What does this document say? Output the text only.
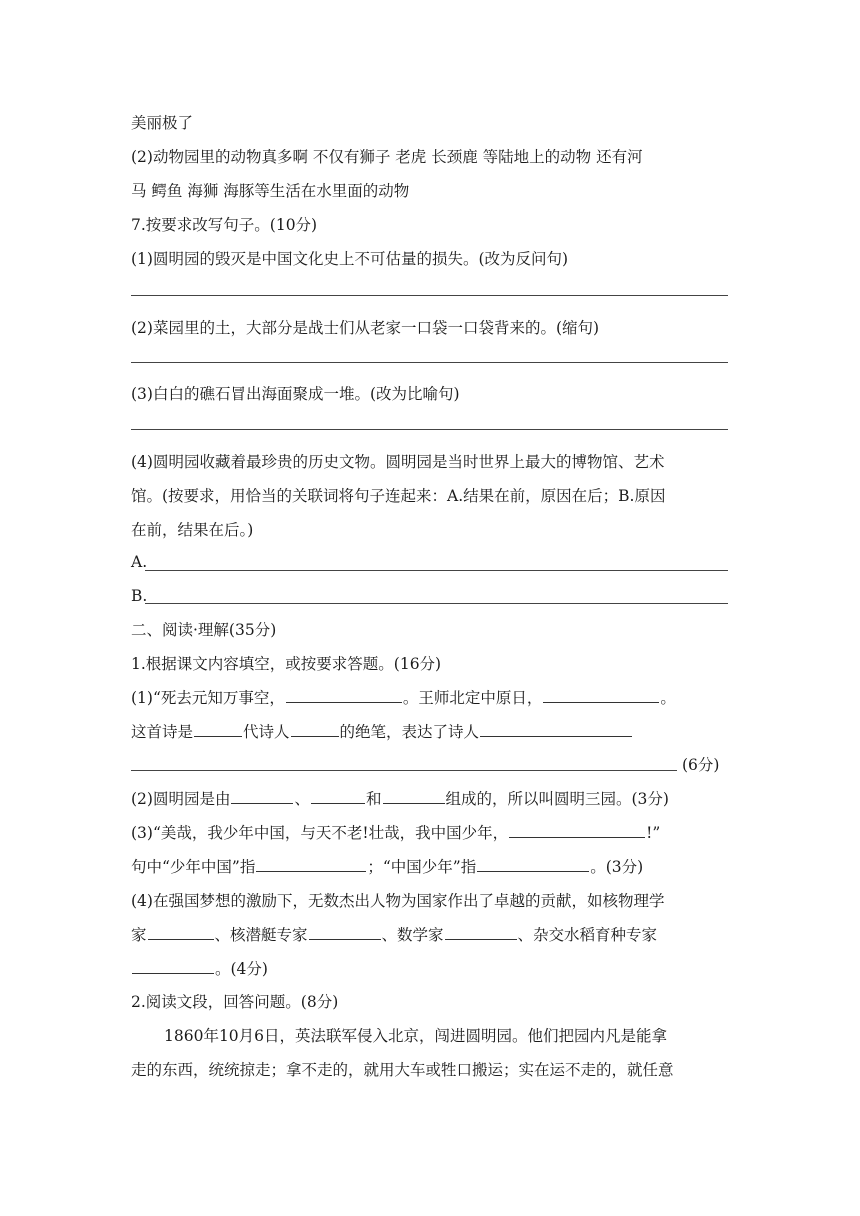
美丽极了
(2)动物园里的动物真多啊 不仅有狮子 老虎 长颈鹿 等陆地上的动物 还有河
马 鳄鱼 海狮 海豚等生活在水里面的动物
7.按要求改写句子。(10分)
(1)圆明园的毁灭是中国文化史上不可估量的损失。(改为反问句)
(2)菜园里的土，大部分是战士们从老家一口袋一口袋背来的。(缩句)
(3)白白的礁石冒出海面聚成一堆。(改为比喻句)
(4)圆明园收藏着最珍贵的历史文物。圆明园是当时世界上最大的博物馆、艺术
馆。(按要求，用恰当的关联词将句子连起来：A.结果在前，原因在后；B.原因
在前，结果在后。)
A.
B.
二、阅读·理解(35分)
1.根据课文内容填空，或按要求答题。(16分)
(1)“死去元知万事空，	。王师北定中原日，	。
这首诗是	代诗人	的绝笔，表达了诗人
(6分)
(2)圆明园是由	、	和	组成的，所以叫圆明三园。(3分)
(3)“美哉，我少年中国，与天不老!壮哉，我中国少年，	!”
句中“少年中国”指	；“中国少年”指	。(3分)
(4)在强国梦想的激励下，无数杰出人物为国家作出了卓越的贡献，如核物理学
家	、核潜艇专家	、数学家	、杂交水稻育种专家
。(4分)
2.阅读文段，回答问题。(8分)
1860年10月6日，英法联军侵入北京，闯进圆明园。他们把园内凡是能拿
走的东西，统统掠走；拿不走的，就用大车或牲口搬运；实在运不走的，就任意
